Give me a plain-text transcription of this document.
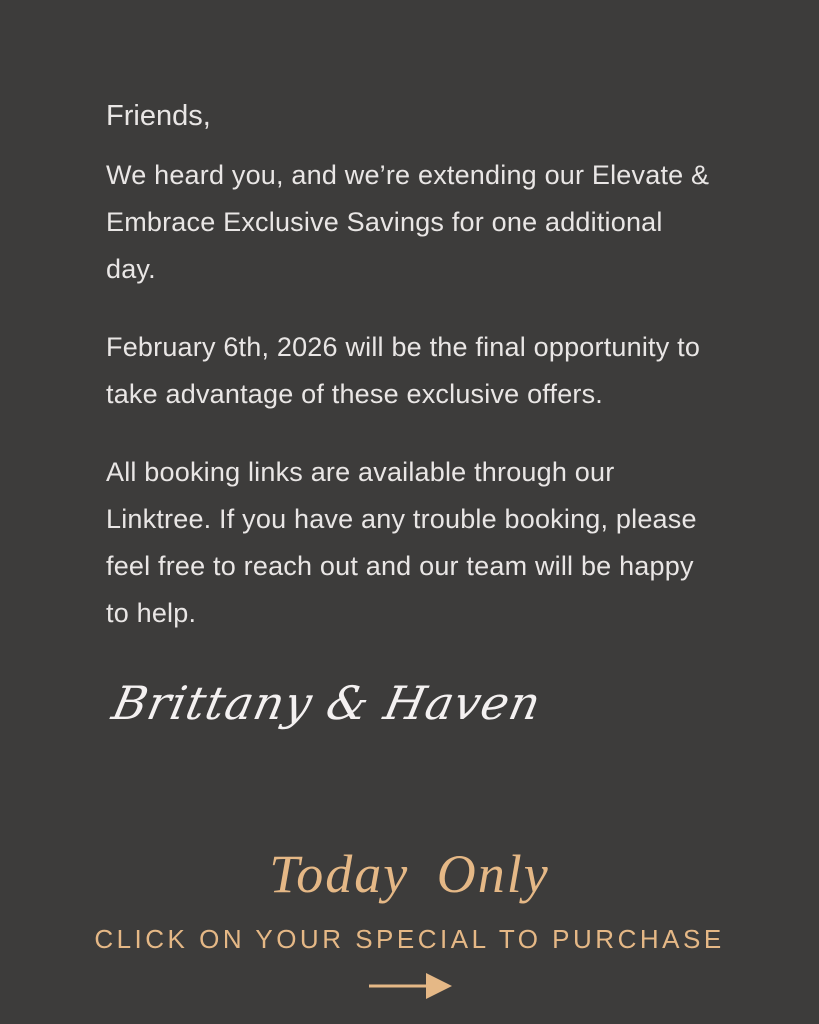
Friends,

We heard you, and we’re extending our Elevate & Embrace Exclusive Savings for one additional day.

February 6th, 2026 will be the final opportunity to take advantage of these exclusive offers.

All booking links are available through our Linktree. If you have any trouble booking, please feel free to reach out and our team will be happy to help.

Brittany & Haven
Today Only
CLICK ON YOUR SPECIAL TO PURCHASE
